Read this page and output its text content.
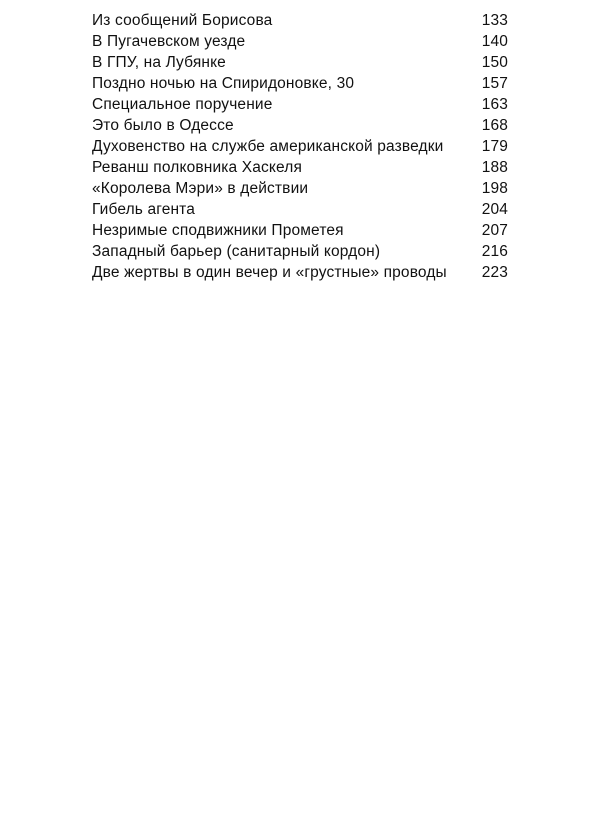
Из сообщений Борисова	133
В Пугачевском уезде	140
В ГПУ, на Лубянке	150
Поздно ночью на Спиридоновке, 30	157
Специальное поручение	163
Это было в Одессе	168
Духовенство на службе американской разведки 179
Реванш полковника Хаскеля	188
«Королева Мэри» в действии	198
Гибель агента	204
Незримые сподвижники Прометея	207
Западный барьер (санитарный кордон)	216
Две жертвы в один вечер и «грустные» проводы 223
